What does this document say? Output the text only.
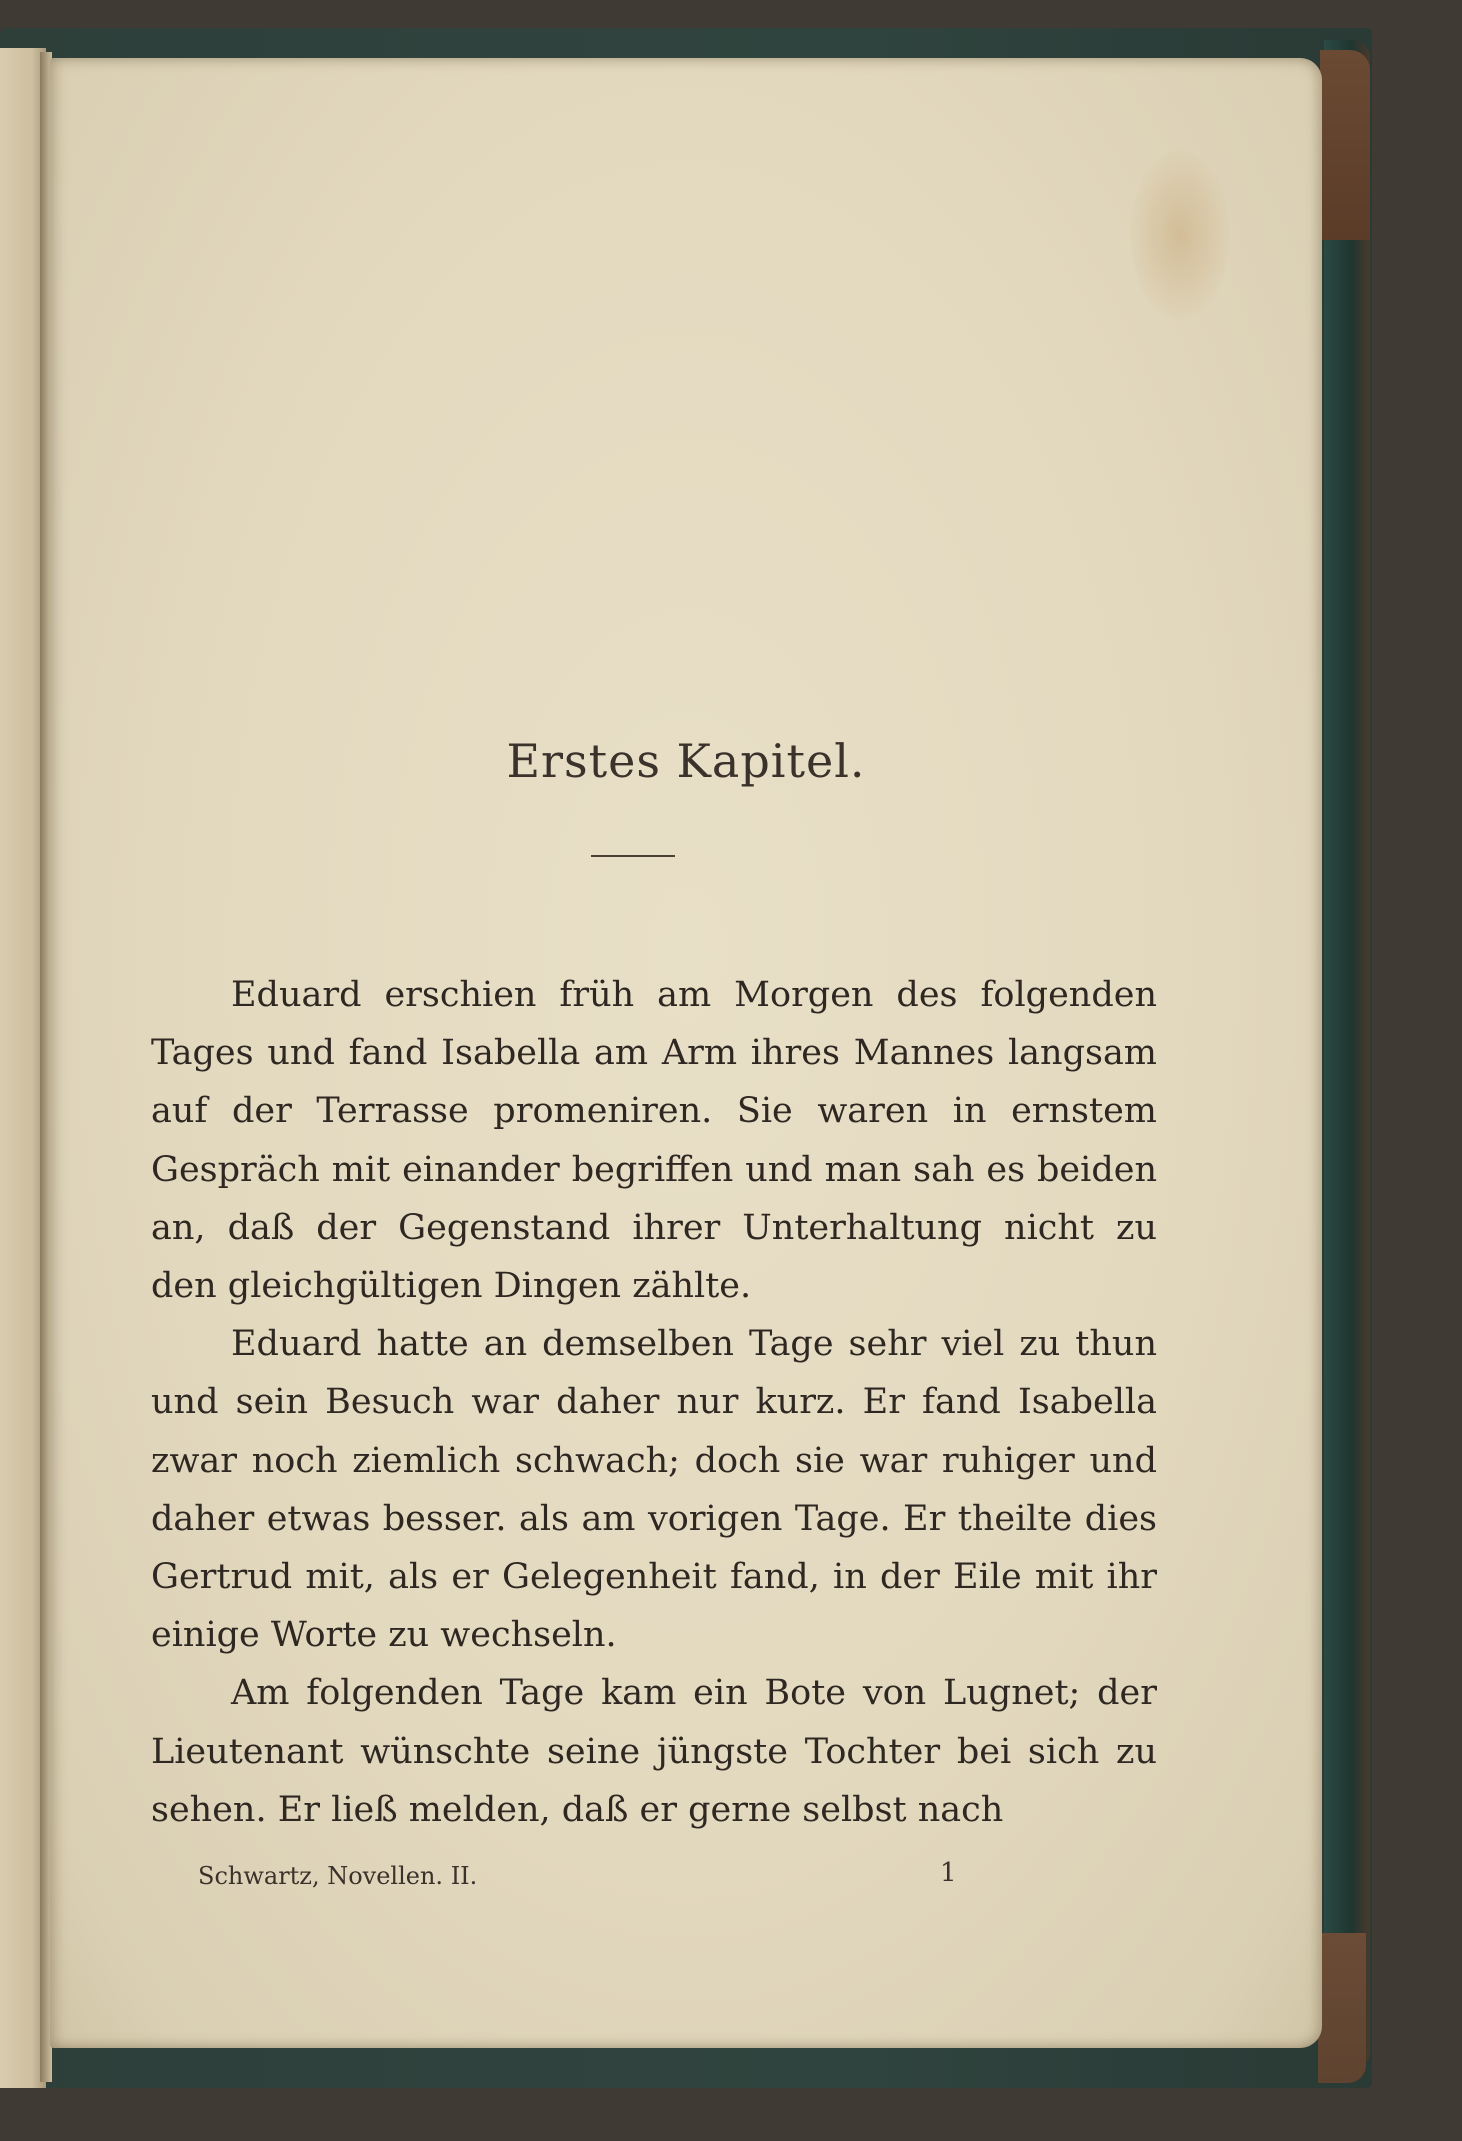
Erstes Kapitel.

Eduard erschien früh am Morgen des folgenden Tages und fand Isabella am Arm ihres Mannes langsam auf der Terrasse promeniren. Sie waren in ernstem Gespräch mit einander begriffen und man sah es beiden an, daß der Gegenstand ihrer Unterhaltung nicht zu den gleichgültigen Dingen zählte.

Eduard hatte an demselben Tage sehr viel zu thun und sein Besuch war daher nur kurz. Er fand Isabella zwar noch ziemlich schwach; doch sie war ruhiger und daher etwas besser. als am vorigen Tage. Er theilte dies Gertrud mit, als er Gelegenheit fand, in der Eile mit ihr einige Worte zu wechseln.

Am folgenden Tage kam ein Bote von Lugnet; der Lieutenant wünschte seine jüngste Tochter bei sich zu sehen. Er ließ melden, daß er gerne selbst nach

Schwartz, Novellen. II.	1
